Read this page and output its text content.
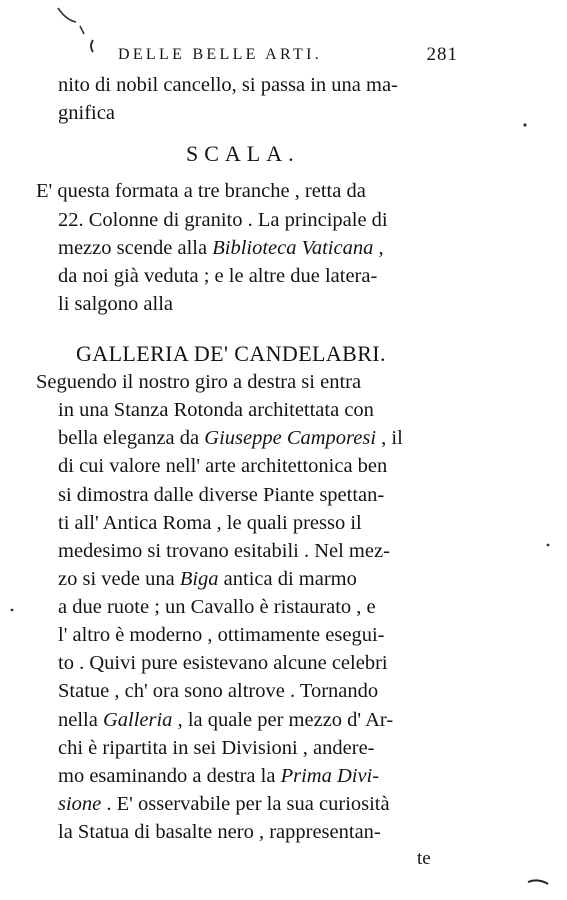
DELLE BELLE ARTI.	281
nito di nobil cancello, si passa in una ma-
gnifica
SCALA.
E' questa formata a tre branche , retta da
22. Colonne di granito . La principale di
mezzo scende alla Biblioteca Vaticana ,
da noi già veduta ; e le altre due latera-
li salgono alla
GALLERIA DE' CANDELABRI.
Seguendo il nostro giro a destra si entra
in una Stanza Rotonda architettata con
bella eleganza da Giuseppe Camporesi , il
di cui valore nell' arte architettonica ben
si dimostra dalle diverse Piante spettan-
ti all' Antica Roma , le quali presso il
medesimo si trovano esitabili . Nel mez-
zo si vede una Biga antica di marmo
a due ruote ; un Cavallo è ristaurato , e
l' altro è moderno , ottimamente esegui-
to . Quivi pure esistevano alcune celebri
Statue , ch' ora sono altrove . Tornando
nella Galleria , la quale per mezzo d' Ar-
chi è ripartita in sei Divisioni , andere-
mo esaminando a destra la Prima Divi-
sione . E' osservabile per la sua curiosità
la Statua di basalte nero , rappresentan-
te
